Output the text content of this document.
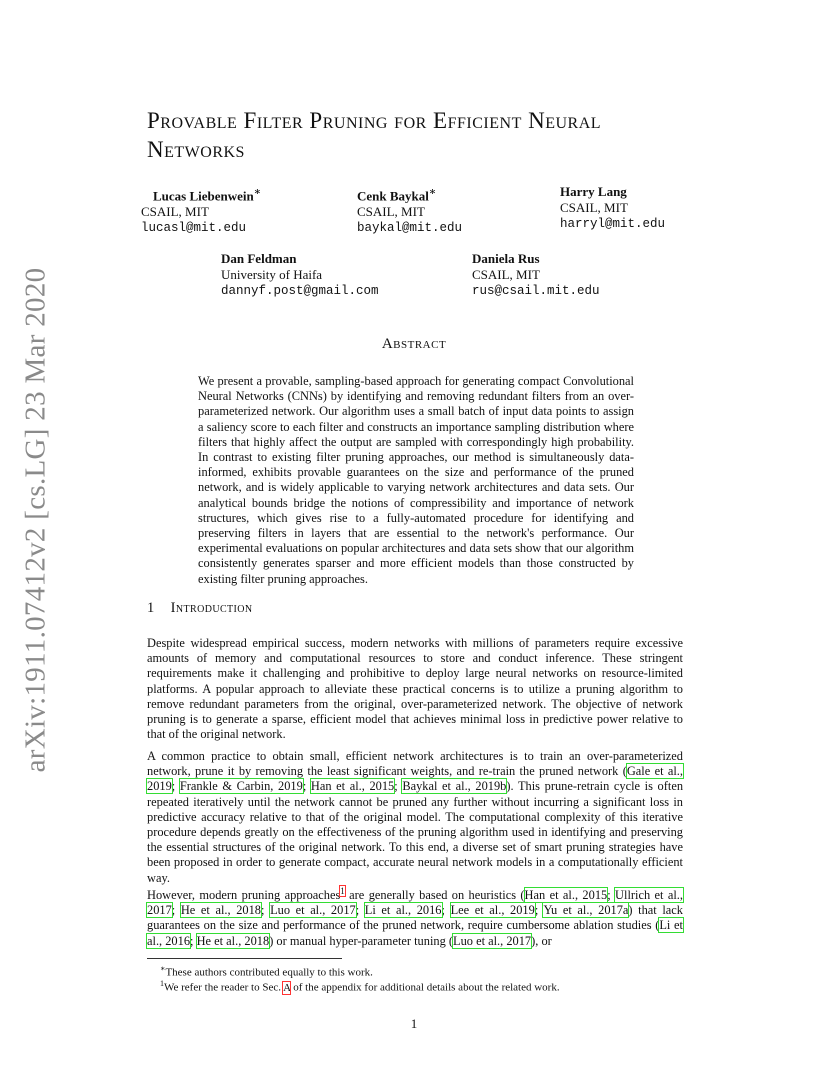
arXiv:1911.07412v2 [cs.LG] 23 Mar 2020
Provable Filter Pruning for Efficient Neural
Networks
Lucas Liebenwein∗
CSAIL, MIT
lucasl@mit.edu
Cenk Baykal∗
CSAIL, MIT
baykal@mit.edu
Harry Lang
CSAIL, MIT
harryl@mit.edu
Dan Feldman
University of Haifa
dannyf.post@gmail.com
Daniela Rus
CSAIL, MIT
rus@csail.mit.edu
Abstract
We present a provable, sampling-based approach for generating compact Convolutional Neural Networks (CNNs) by identifying and removing redundant filters from an over-parameterized network. Our algorithm uses a small batch of input data points to assign a saliency score to each filter and constructs an importance sampling distribution where filters that highly affect the output are sampled with correspondingly high probability. In contrast to existing filter pruning approaches, our method is simultaneously data-informed, exhibits provable guarantees on the size and performance of the pruned network, and is widely applicable to varying network architectures and data sets. Our analytical bounds bridge the notions of compressibility and importance of network structures, which gives rise to a fully-automated procedure for identifying and preserving filters in layers that are essential to the network's performance. Our experimental evaluations on popular architectures and data sets show that our algorithm consistently generates sparser and more efficient models than those constructed by existing filter pruning approaches.
1 Introduction
Despite widespread empirical success, modern networks with millions of parameters require excessive amounts of memory and computational resources to store and conduct inference. These stringent requirements make it challenging and prohibitive to deploy large neural networks on resource-limited platforms. A popular approach to alleviate these practical concerns is to utilize a pruning algorithm to remove redundant parameters from the original, over-parameterized network. The objective of network pruning is to generate a sparse, efficient model that achieves minimal loss in predictive power relative to that of the original network.
A common practice to obtain small, efficient network architectures is to train an over-parameterized network, prune it by removing the least significant weights, and re-train the pruned network (Gale et al., 2019; Frankle & Carbin, 2019; Han et al., 2015; Baykal et al., 2019b). This prune-retrain cycle is often repeated iteratively until the network cannot be pruned any further without incurring a significant loss in predictive accuracy relative to that of the original model. The computational complexity of this iterative procedure depends greatly on the effectiveness of the pruning algorithm used in identifying and preserving the essential structures of the original network. To this end, a diverse set of smart pruning strategies have been proposed in order to generate compact, accurate neural network models in a computationally efficient way.
However, modern pruning approaches$^1$ are generally based on heuristics (Han et al., 2015; Ullrich et al., 2017; He et al., 2018; Luo et al., 2017; Li et al., 2016; Lee et al., 2019; Yu et al., 2017a) that lack guarantees on the size and performance of the pruned network, require cumbersome ablation studies (Li et al., 2016; He et al., 2018) or manual hyper-parameter tuning (Luo et al., 2017), or
∗These authors contributed equally to this work.
$^1$We refer the reader to Sec. A of the appendix for additional details about the related work.
1
